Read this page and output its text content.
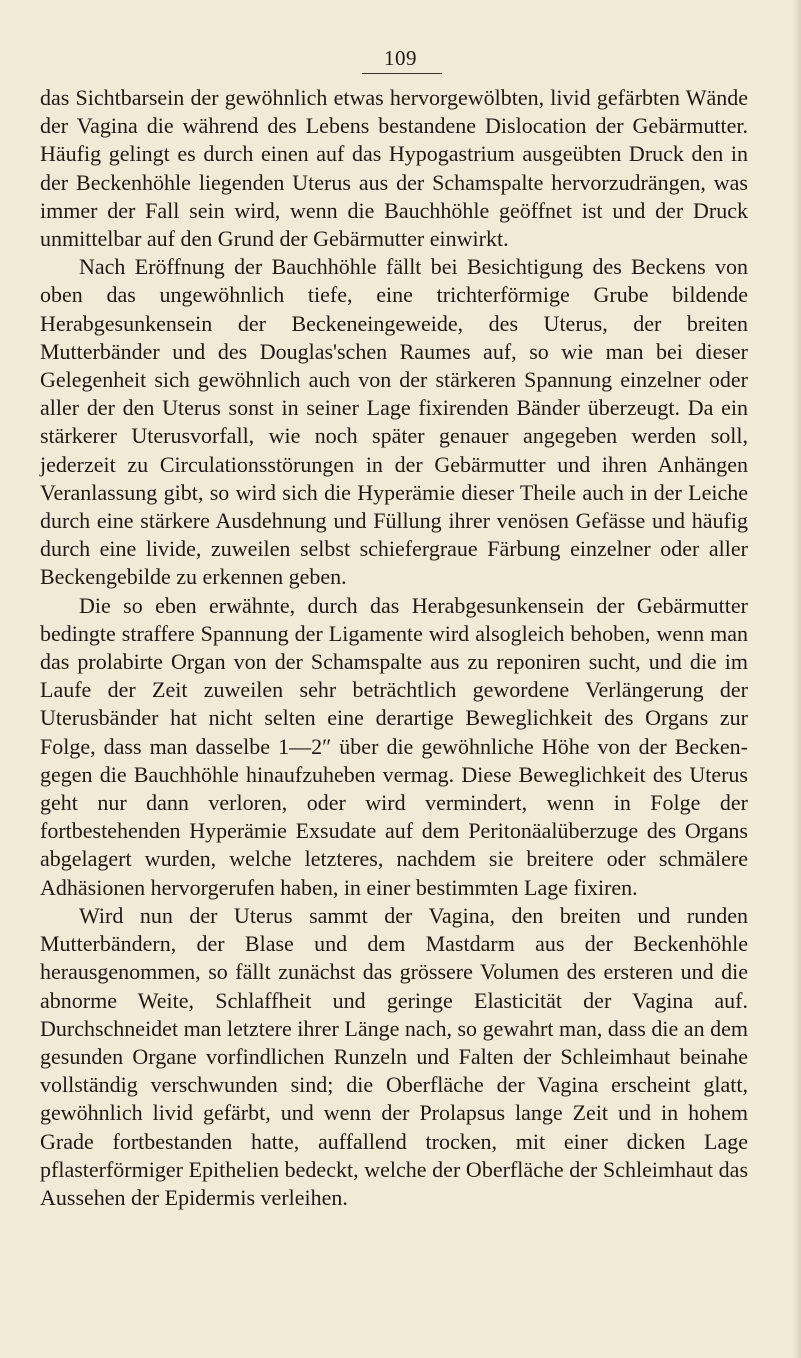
109

das Sichtbarsein der gewöhnlich etwas hervorgewölbten, livid gefärbten Wände der Vagina die während des Lebens bestandene Dislocation der Gebärmutter. Häufig gelingt es durch einen auf das Hypogastrium ausgeübten Druck den in der Beckenhöhle liegenden Uterus aus der Schamspalte hervorzudrängen, was immer der Fall sein wird, wenn die Bauchhöhle geöffnet ist und der Druck unmittelbar auf den Grund der Gebärmutter einwirkt.

Nach Eröffnung der Bauchhöhle fällt bei Besichtigung des Beckens von oben das ungewöhnlich tiefe, eine trichterförmige Grube bildende Herabgesunkensein der Beckeneingeweide, des Uterus, der breiten Mutterbänder und des Douglas'schen Raumes auf, so wie man bei dieser Gelegenheit sich gewöhnlich auch von der stärkeren Spannung einzelner oder aller der den Uterus sonst in seiner Lage fixirenden Bänder überzeugt. Da ein stärkerer Uterusvorfall, wie noch später genauer angegeben werden soll, jederzeit zu Circulationsstörungen in der Gebärmutter und ihren Anhängen Veranlassung gibt, so wird sich die Hyperämie dieser Theile auch in der Leiche durch eine stärkere Ausdehnung und Füllung ihrer venösen Gefässe und häufig durch eine livide, zuweilen selbst schiefergraue Färbung einzelner oder aller Beckengebilde zu erkennen geben.

Die so eben erwähnte, durch das Herabgesunkensein der Gebärmutter bedingte straffere Spannung der Ligamente wird alsogleich behoben, wenn man das prolabirte Organ von der Schamspalte aus zu reponiren sucht, und die im Laufe der Zeit zuweilen sehr beträchtlich gewordene Verlängerung der Uterusbänder hat nicht selten eine derartige Beweglichkeit des Organs zur Folge, dass man dasselbe 1—2″ über die gewöhnliche Höhe von der Becken- gegen die Bauchhöhle hinaufzuheben vermag. Diese Beweglichkeit des Uterus geht nur dann verloren, oder wird vermindert, wenn in Folge der fortbestehenden Hyperämie Exsudate auf dem Peritonäalüberzuge des Organs abgelagert wurden, welche letzteres, nachdem sie breitere oder schmälere Adhäsionen hervorgerufen haben, in einer bestimmten Lage fixiren.

Wird nun der Uterus sammt der Vagina, den breiten und runden Mutterbändern, der Blase und dem Mastdarm aus der Beckenhöhle herausgenommen, so fällt zunächst das grössere Volumen des ersteren und die abnorme Weite, Schlaffheit und geringe Elasticität der Vagina auf. Durchschneidet man letztere ihrer Länge nach, so gewahrt man, dass die an dem gesunden Organe vorfindlichen Runzeln und Falten der Schleimhaut beinahe vollständig verschwunden sind; die Oberfläche der Vagina erscheint glatt, gewöhnlich livid gefärbt, und wenn der Prolapsus lange Zeit und in hohem Grade fortbestanden hatte, auffallend trocken, mit einer dicken Lage pflasterförmiger Epithelien bedeckt, welche der Oberfläche der Schleimhaut das Aussehen der Epidermis verleihen.
